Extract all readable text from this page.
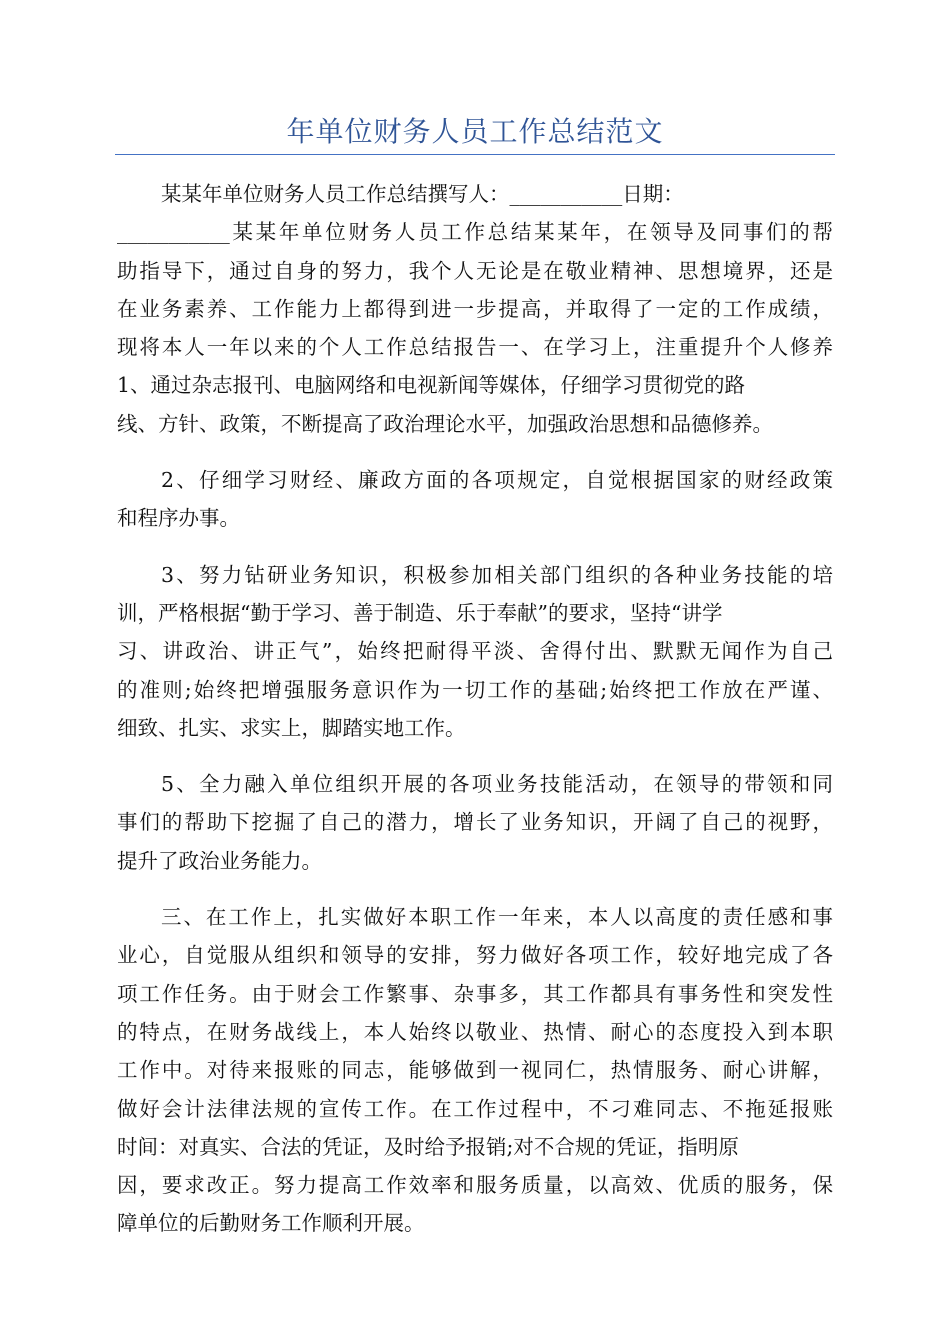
年单位财务人员工作总结范文
某某年单位财务人员工作总结撰写人：___________日期：
___________某某年单位财务人员工作总结某某年，在领导及同事们的帮
助指导下，通过自身的努力，我个人无论是在敬业精神、思想境界，还是
在业务素养、工作能力上都得到进一步提高，并取得了一定的工作成绩，
现将本人一年以来的个人工作总结报告一、在学习上，注重提升个人修养
1、通过杂志报刊、电脑网络和电视新闻等媒体，仔细学习贯彻党的路
线、方针、政策，不断提高了政治理论水平，加强政治思想和品德修养。
2、仔细学习财经、廉政方面的各项规定，自觉根据国家的财经政策
和程序办事。
3、努力钻研业务知识，积极参加相关部门组织的各种业务技能的培
训，严格根据“勤于学习、善于制造、乐于奉献”的要求，坚持“讲学
习、讲政治、讲正气”，始终把耐得平淡、舍得付出、默默无闻作为自己
的准则;始终把增强服务意识作为一切工作的基础;始终把工作放在严谨、
细致、扎实、求实上，脚踏实地工作。
5、全力融入单位组织开展的各项业务技能活动，在领导的带领和同
事们的帮助下挖掘了自己的潜力，增长了业务知识，开阔了自己的视野，
提升了政治业务能力。
三、在工作上，扎实做好本职工作一年来，本人以高度的责任感和事
业心，自觉服从组织和领导的安排，努力做好各项工作，较好地完成了各
项工作任务。由于财会工作繁事、杂事多，其工作都具有事务性和突发性
的特点，在财务战线上，本人始终以敬业、热情、耐心的态度投入到本职
工作中。对待来报账的同志，能够做到一视同仁，热情服务、耐心讲解，
做好会计法律法规的宣传工作。在工作过程中，不刁难同志、不拖延报账
时间：对真实、合法的凭证，及时给予报销;对不合规的凭证，指明原
因，要求改正。努力提高工作效率和服务质量，以高效、优质的服务，保
障单位的后勤财务工作顺利开展。
